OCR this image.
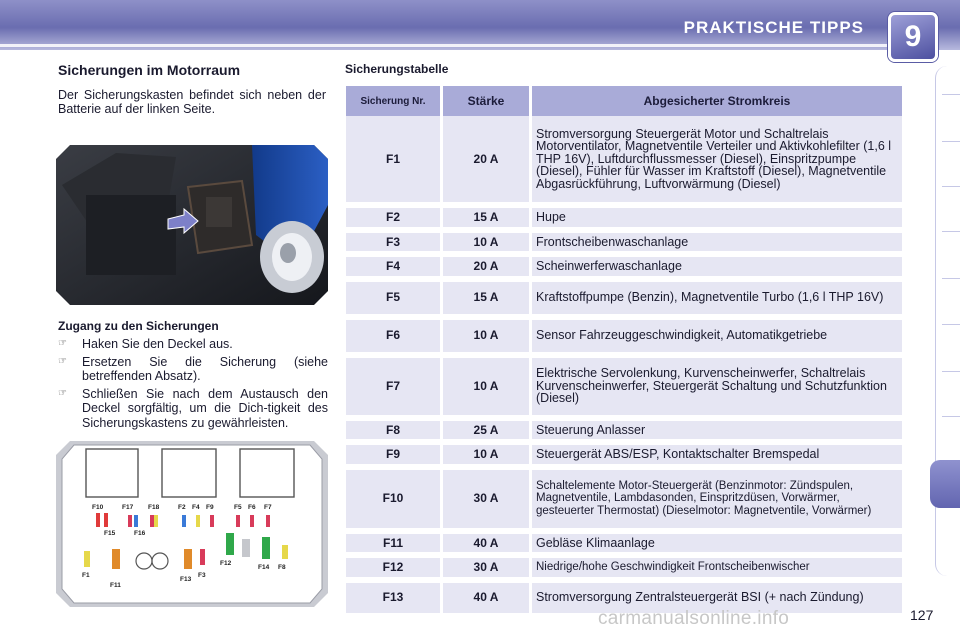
PRAKTISCHE TIPPS	9
Sicherungen im Motorraum
Der Sicherungskasten befindet sich neben der Batterie auf der linken Seite.
Zugang zu den Sicherungen
☞ Haken Sie den Deckel aus.
☞ Ersetzen Sie die Sicherung (siehe betreffenden Absatz).
☞ Schließen Sie nach dem Austausch den Deckel sorgfältig, um die Dich-tigkeit des Sicherungskastens zu gewährleisten.
F10	F17 F18	F2 F4 F9	F5 F6 F7
F15	F16
F1
F11
F13
F3
F12
F14 F8
Sicherungstabelle
Sicherung Nr.	Stärke	Abgesicherter Stromkreis
F1	20 A	Stromversorgung Steuergerät Motor und Schaltrelais Motorventilator, Magnetventile Verteiler und Aktivkohlefilter (1,6 l THP 16V), Luftdurchflussmesser (Diesel), Einspritzpumpe (Diesel), Fühler für Wasser im Kraftstoff (Diesel), Magnetventile Abgasrückführung, Luftvorwärmung (Diesel)
F2	15 A	Hupe
F3	10 A	Frontscheibenwaschanlage
F4	20 A	Scheinwerferwaschanlage
F5	15 A	Kraftstoffpumpe (Benzin), Magnetventile Turbo (1,6 l THP 16V)
F6	10 A	Sensor Fahrzeuggeschwindigkeit, Automatikgetriebe
F7	10 A	Elektrische Servolenkung, Kurvenscheinwerfer, Schaltrelais Kurvenscheinwerfer, Steuergerät Schaltung und Schutzfunktion (Diesel)
F8	25 A	Steuerung Anlasser
F9	10 A	Steuergerät ABS/ESP, Kontaktschalter Bremspedal
F10	30 A	Schaltelemente Motor-Steuergerät (Benzinmotor: Zündspulen, Magnetventile, Lambdasonden, Einspritzdüsen, Vorwärmer, gesteuerter Thermostat) (Dieselmotor: Magnetventile, Vorwärmer)
F11	40 A	Gebläse Klimaanlage
F12	30 A	Niedrige/hohe Geschwindigkeit Frontscheibenwischer
F13	40 A	Stromversorgung Zentralsteuergerät BSI (+ nach Zündung)
carmanualsonline.info	127
